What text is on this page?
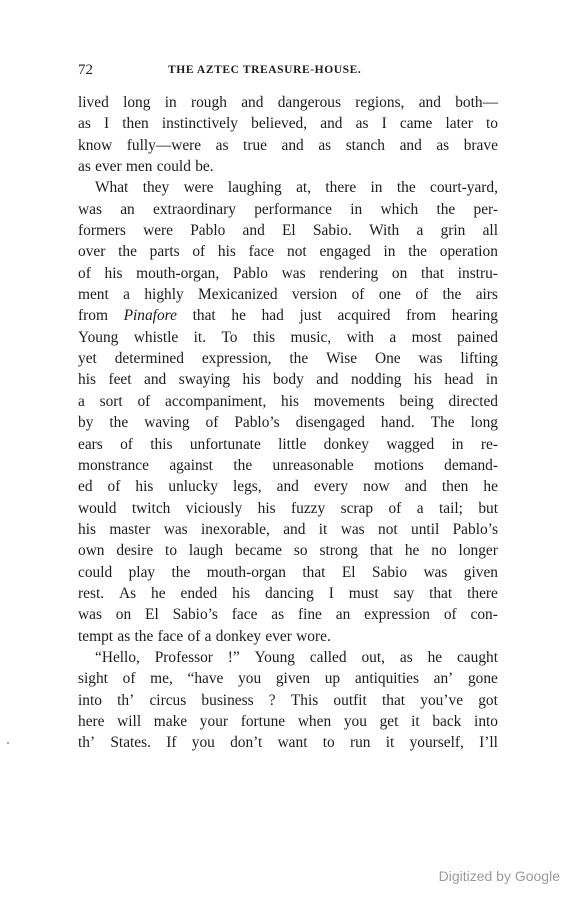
72	THE AZTEC TREASURE-HOUSE.
lived long in rough and dangerous regions, and both—
as I then instinctively believed, and as I came later to
know fully—were as true and as stanch and as brave
as ever men could be.
What they were laughing at, there in the court-yard,
was an extraordinary performance in which the per-
formers were Pablo and El Sabio. With a grin all
over the parts of his face not engaged in the operation
of his mouth-organ, Pablo was rendering on that instru-
ment a highly Mexicanized version of one of the airs
from Pinafore that he had just acquired from hearing
Young whistle it. To this music, with a most pained
yet determined expression, the Wise One was lifting
his feet and swaying his body and nodding his head in
a sort of accompaniment, his movements being directed
by the waving of Pablo’s disengaged hand. The long
ears of this unfortunate little donkey wagged in re-
monstrance against the unreasonable motions demand-
ed of his unlucky legs, and every now and then he
would twitch viciously his fuzzy scrap of a tail; but
his master was inexorable, and it was not until Pablo’s
own desire to laugh became so strong that he no longer
could play the mouth-organ that El Sabio was given
rest. As he ended his dancing I must say that there
was on El Sabio’s face as fine an expression of con-
tempt as the face of a donkey ever wore.
“Hello, Professor !” Young called out, as he caught
sight of me, “have you given up antiquities an’ gone
into th’ circus business ? This outfit that you’ve got
here will make your fortune when you get it back into
th’ States. If you don’t want to run it yourself, I’ll
Digitized by Google
